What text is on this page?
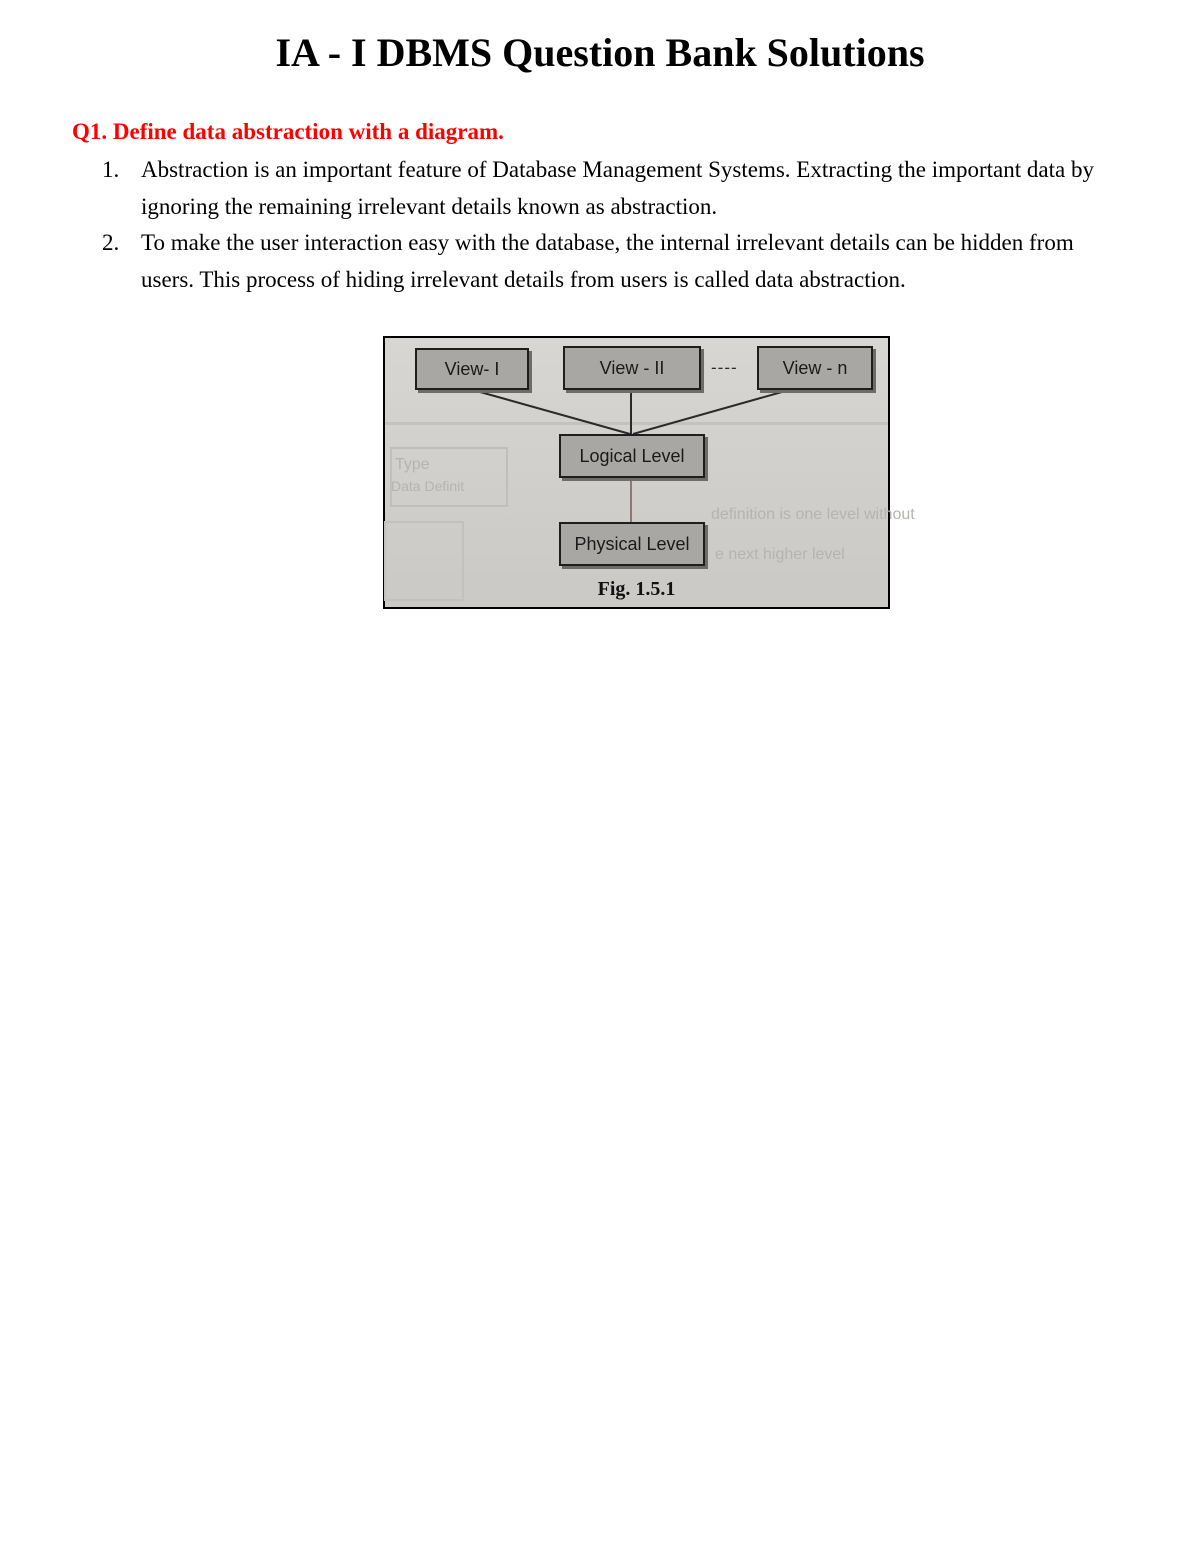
IA - I DBMS Question Bank Solutions

Q1. Define data abstraction with a diagram.

1. Abstraction is an important feature of Database Management Systems. Extracting the important data by ignoring the remaining irrelevant details known as abstraction.
2. To make the user interaction easy with the database, the internal irrelevant details can be hidden from users. This process of hiding irrelevant details from users is called data abstraction.
Type
Data Definit
definition is one level without
e next higher level
View- I	View - II	----	View - n
Logical Level
Physical Level
Fig. 1.5.1
